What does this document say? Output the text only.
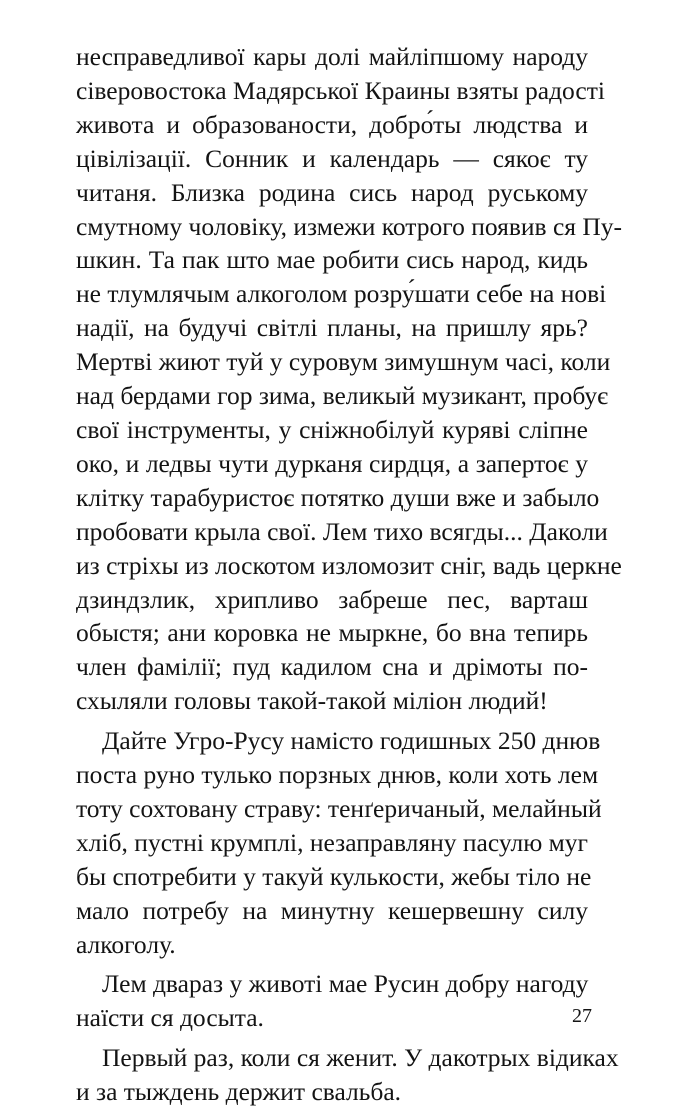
несправедливої кары долі майліпшому народу
сіверовостока Мадярської Краины взяты радості
живота и образованости, добро́ты людства и
цівілізації. Сонник и календарь — сякоє ту
читаня. Близка родина сись народ руському
смутному чоловіку, измежи котрого появив ся Пу-
шкин. Та пак што мае робити сись народ, кидь
не тлумлячым алкоголом розру́шати себе на нові
надії, на будучі світлі планы, на пришлу ярь?
Мертві жиют туй у суровум зимушнум часі, коли
над бердами гор зима, великый музикант, пробує
свої інструменты, у сніжнобілуй куряві сліпне
око, и ледвы чути дурканя сирдця, а запертоє у
клітку тарабуристоє потятко души вже и забыло
пробовати крыла свої. Лем тихо всягды... Даколи
из стріхы из лоскотом изломозит сніг, вадь церкне
дзиндзлик, хрипливо забреше пес, варташ
обыстя; ани коровка не мыркне, бо вна тепирь
член фамілії; пуд кадилом сна и дрімоты по-
схыляли головы такой-такой міліон людий!

Дайте Угро-Русу намісто годишных 250 днюв
поста руно тулько порзных днюв, коли хоть лем
тоту сохтовану страву: тенґеричаный, мелайный
хліб, пустні крумплі, незаправляну пасулю муг
бы спотребити у такуй кулькости, жебы тіло не
мало потребу на минутну кешервешну силу
алкоголу.

Лем двараз у животі мае Русин добру нагоду
наїсти ся досыта.

Первый раз, коли ся женит. У дакотрых відиках
и за тыждень держит свальба.

27
